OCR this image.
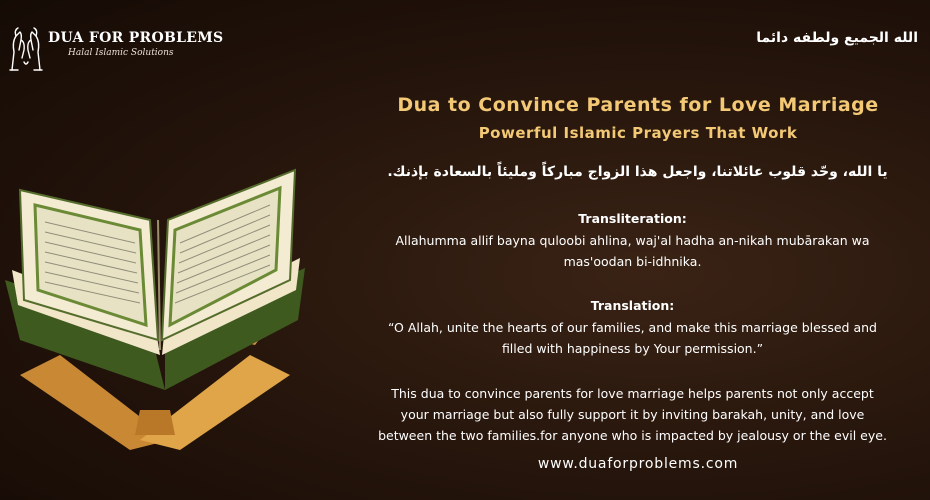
DUA FOR PROBLEMS
Halal Islamic Solutions
الله الجميع ولطفه دائما
Dua to Convince Parents for Love Marriage
Powerful Islamic Prayers That Work
يا الله، وحّد قلوب عائلاتنا، واجعل هذا الزواج مباركاً ومليئاً بالسعادة بإذنك.
Transliteration:
Allahumma allif bayna quloobi ahlina, waj'al hadha an-nikah mubārakan wa
mas'oodan bi-idhnika.
Translation:
“O Allah, unite the hearts of our families, and make this marriage blessed and
filled with happiness by Your permission.”
This dua to convince parents for love marriage helps parents not only accept
your marriage but also fully support it by inviting barakah, unity, and love
between the two families.for anyone who is impacted by jealousy or the evil eye.
www.duaforproblems.com
